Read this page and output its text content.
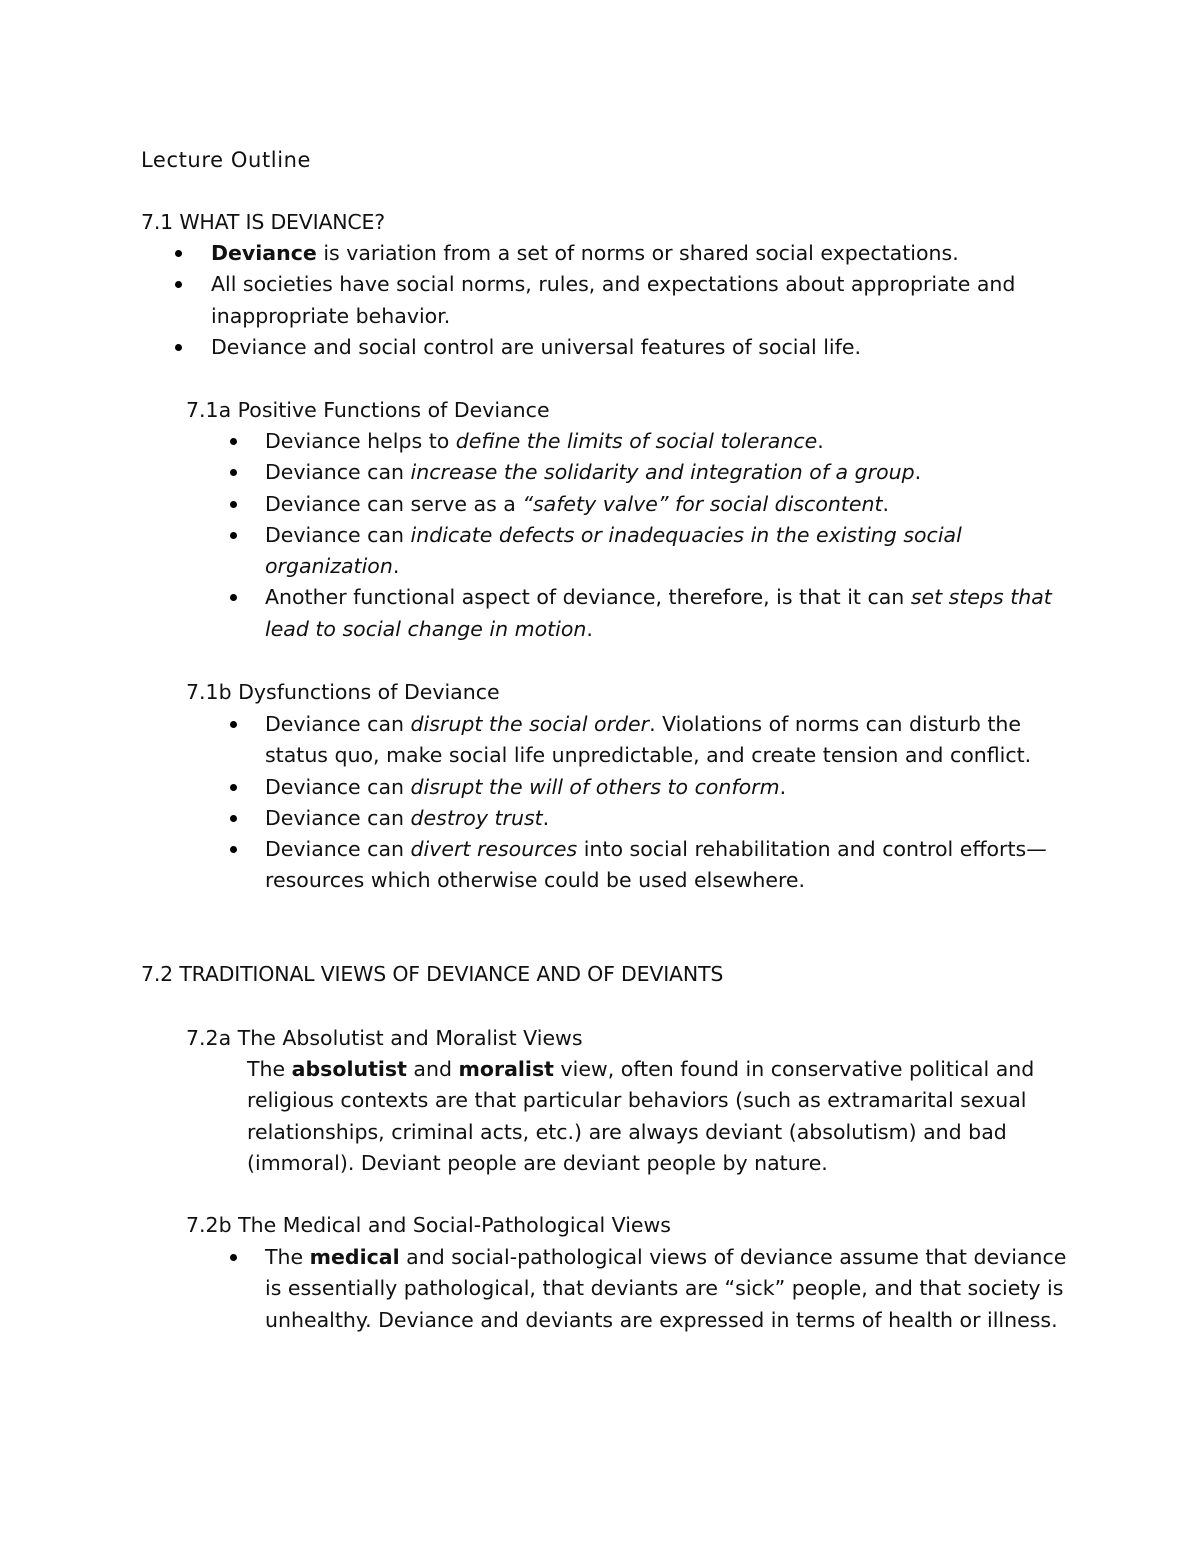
Lecture Outline
7.1 WHAT IS DEVIANCE?
Deviance is variation from a set of norms or shared social expectations.
All societies have social norms, rules, and expectations about appropriate and inappropriate behavior.
Deviance and social control are universal features of social life.
7.1a Positive Functions of Deviance
Deviance helps to define the limits of social tolerance.
Deviance can increase the solidarity and integration of a group.
Deviance can serve as a “safety valve” for social discontent.
Deviance can indicate defects or inadequacies in the existing social organization.
Another functional aspect of deviance, therefore, is that it can set steps that lead to social change in motion.
7.1b Dysfunctions of Deviance
Deviance can disrupt the social order. Violations of norms can disturb the status quo, make social life unpredictable, and create tension and conflict.
Deviance can disrupt the will of others to conform.
Deviance can destroy trust.
Deviance can divert resources into social rehabilitation and control efforts—resources which otherwise could be used elsewhere.
7.2 TRADITIONAL VIEWS OF DEVIANCE AND OF DEVIANTS
7.2a The Absolutist and Moralist Views
The absolutist and moralist view, often found in conservative political and religious contexts are that particular behaviors (such as extramarital sexual relationships, criminal acts, etc.) are always deviant (absolutism) and bad (immoral). Deviant people are deviant people by nature.
7.2b The Medical and Social-Pathological Views
The medical and social-pathological views of deviance assume that deviance is essentially pathological, that deviants are “sick” people, and that society is unhealthy. Deviance and deviants are expressed in terms of health or illness.
